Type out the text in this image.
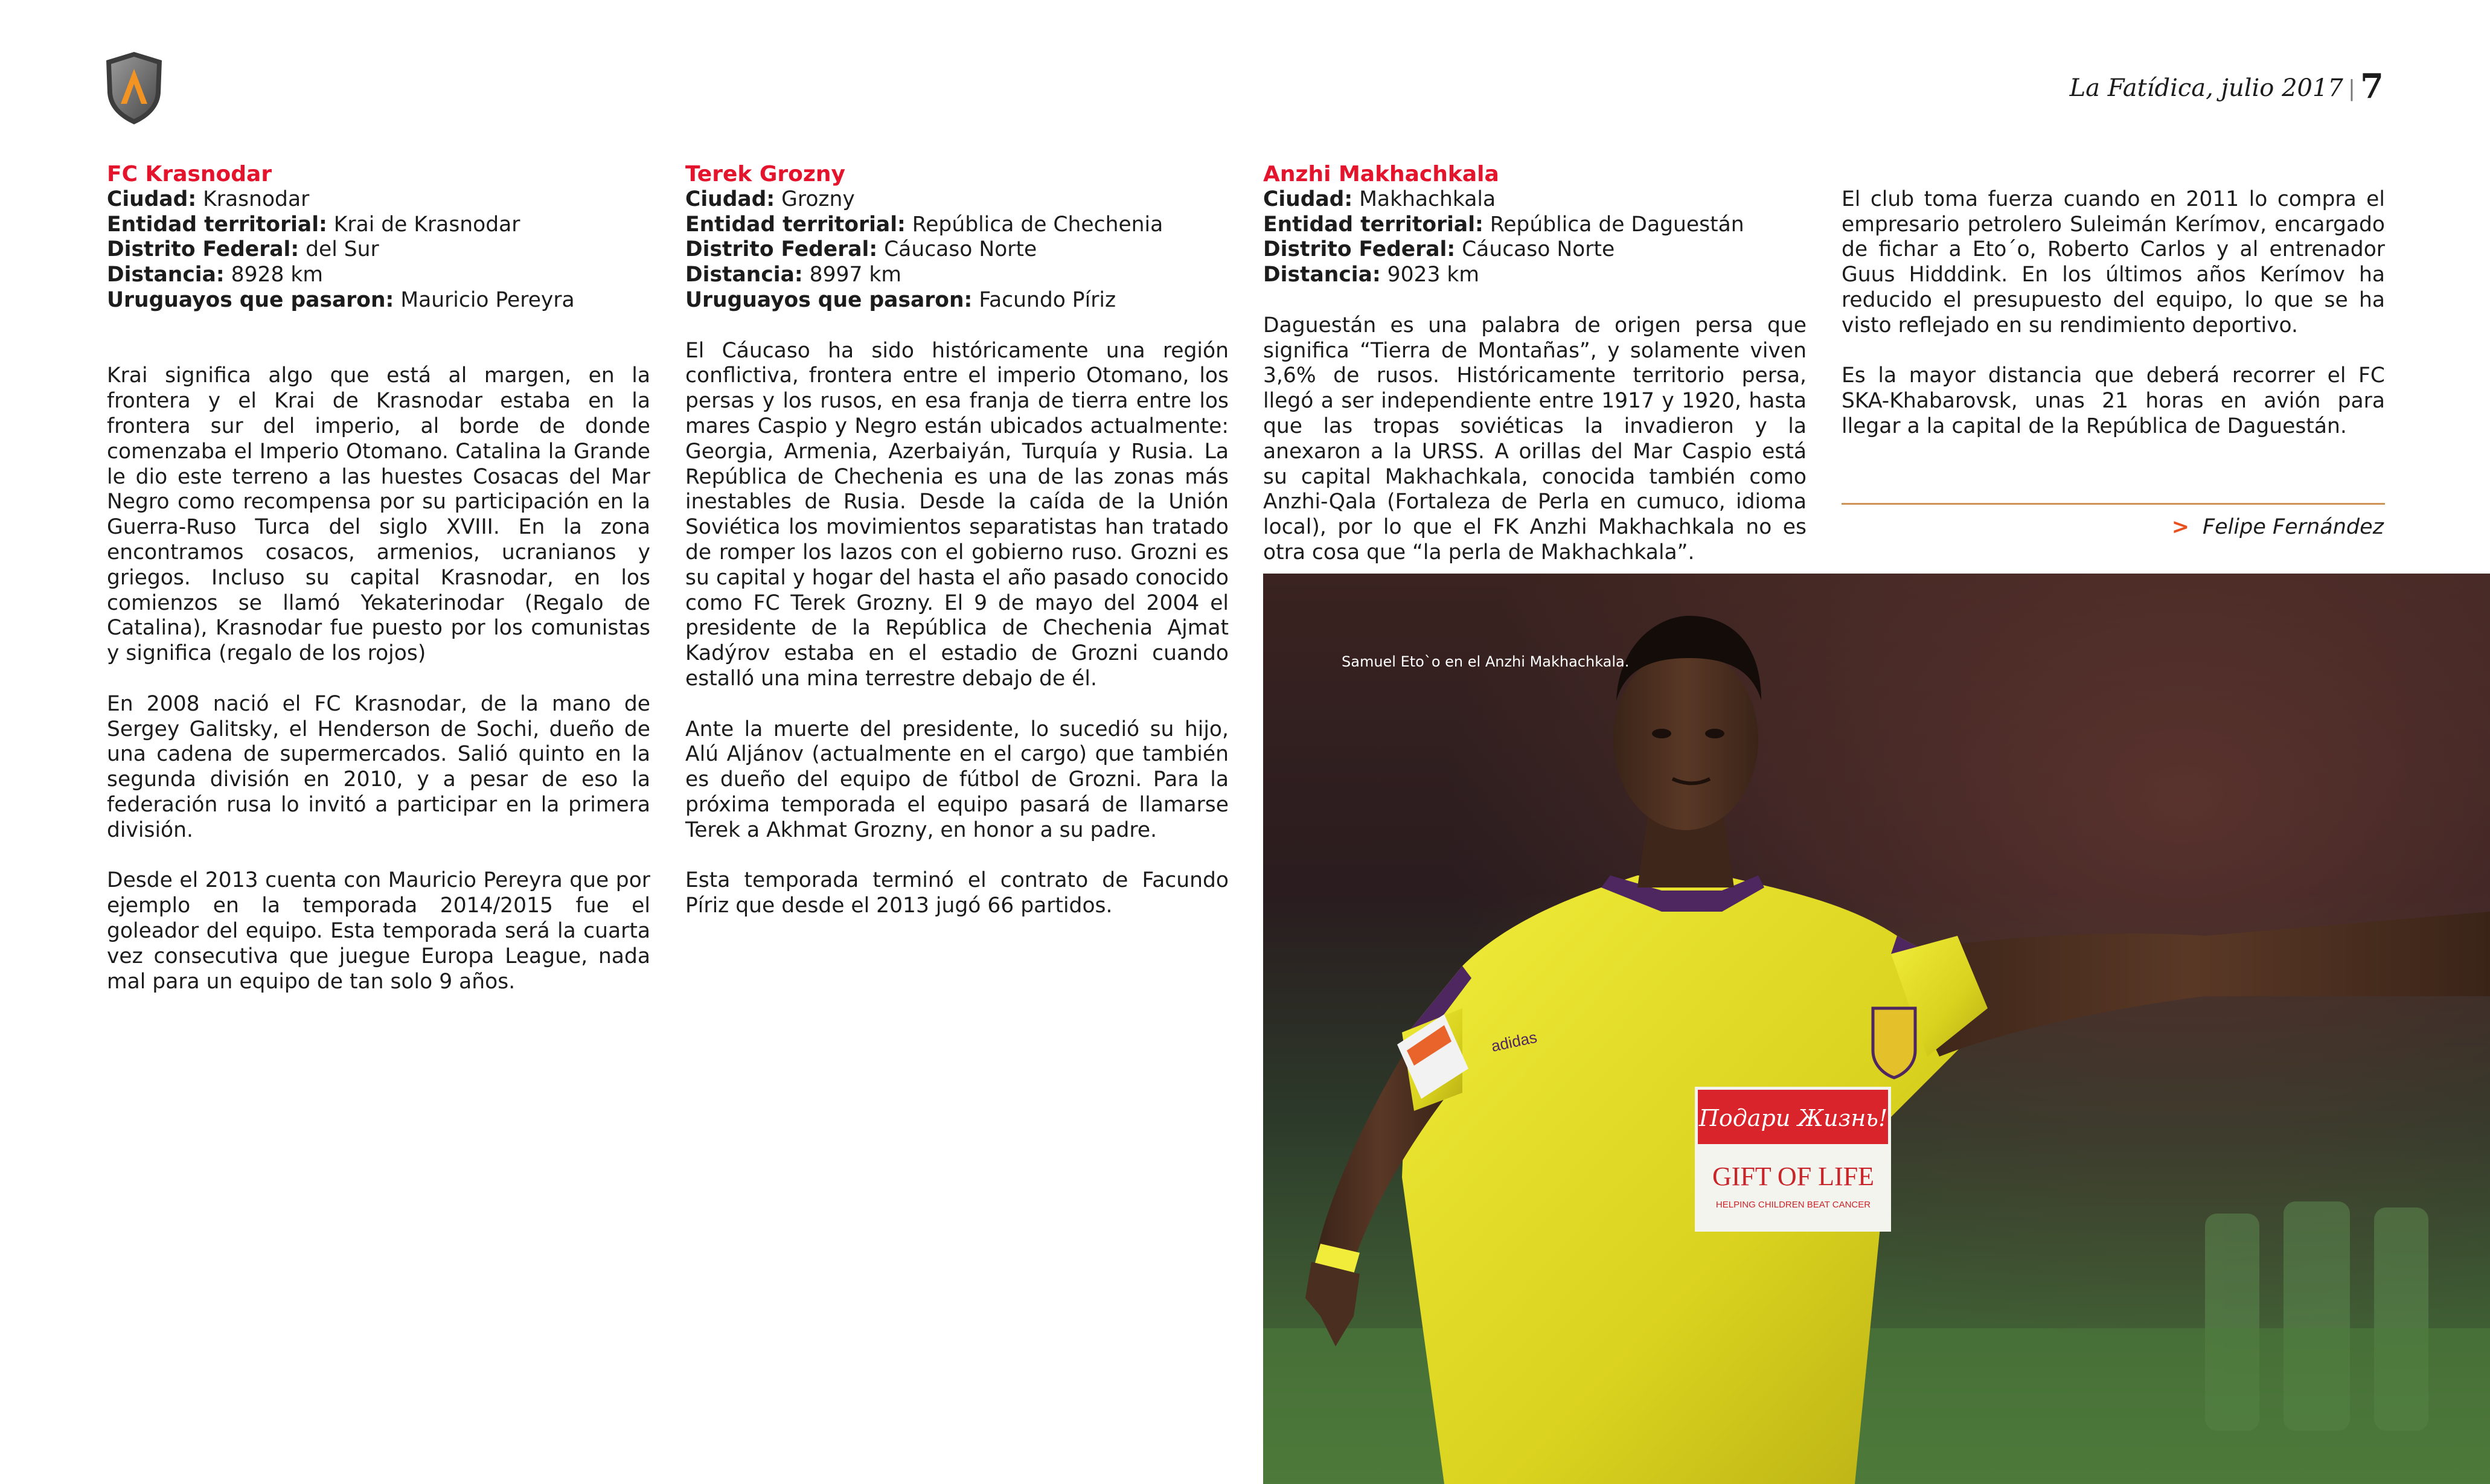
La Fatídica, julio 2017 | 7
FC Krasnodar
Ciudad: Krasnodar
Entidad territorial: Krai de Krasnodar
Distrito Federal: del Sur
Distancia: 8928 km
Uruguayos que pasaron: Mauricio Pereyra

Krai significa algo que está al margen, en la frontera y el Krai de Krasnodar estaba en la frontera sur del imperio, al borde de donde comenzaba el Imperio Otomano. Catalina la Grande le dio este terreno a las huestes Cosacas del Mar Negro como recompensa por su participación en la Guerra-Ruso Turca del siglo XVIII. En la zona encontramos cosacos, armenios, ucranianos y griegos. Incluso su capital Krasnodar, en los comienzos se llamó Yekaterinodar (Regalo de Catalina), Krasnodar fue puesto por los comunistas y significa (regalo de los rojos)

En 2008 nació el FC Krasnodar, de la mano de Sergey Galitsky, el Henderson de Sochi, dueño de una cadena de supermercados. Salió quinto en la segunda división en 2010, y a pesar de eso la federación rusa lo invitó a participar en la primera división.

Desde el 2013 cuenta con Mauricio Pereyra que por ejemplo en la temporada 2014/2015 fue el goleador del equipo. Esta temporada será la cuarta vez consecutiva que juegue Europa League, nada mal para un equipo de tan solo 9 años.

Terek Grozny
Ciudad: Grozny
Entidad territorial: República de Chechenia
Distrito Federal: Cáucaso Norte
Distancia: 8997 km
Uruguayos que pasaron: Facundo Píriz

El Cáucaso ha sido históricamente una región conflictiva, frontera entre el imperio Otomano, los persas y los rusos, en esa franja de tierra entre los mares Caspio y Negro están ubicados actualmente: Georgia, Armenia, Azerbaiyán, Turquía y Rusia. La República de Chechenia es una de las zonas más inestables de Rusia. Desde la caída de la Unión Soviética los movimientos separatistas han tratado de romper los lazos con el gobierno ruso. Grozni es su capital y hogar del hasta el año pasado conocido como FC Terek Grozny. El 9 de mayo del 2004 el presidente de la República de Chechenia Ajmat Kadýrov estaba en el estadio de Grozni cuando estalló una mina terrestre debajo de él.

Ante la muerte del presidente, lo sucedió su hijo, Alú Aljánov (actualmente en el cargo) que también es dueño del equipo de fútbol de Grozni. Para la próxima temporada el equipo pasará de llamarse Terek a Akhmat Grozny, en honor a su padre.

Esta temporada terminó el contrato de Facundo Píriz que desde el 2013 jugó 66 partidos.

Anzhi Makhachkala
Ciudad: Makhachkala
Entidad territorial: República de Daguestán
Distrito Federal: Cáucaso Norte
Distancia: 9023 km

Daguestán es una palabra de origen persa que significa “Tierra de Montañas”, y solamente viven 3,6% de rusos. Históricamente territorio persa, llegó a ser independiente entre 1917 y 1920, hasta que las tropas soviéticas la invadieron y la anexaron a la URSS. A orillas del Mar Caspio está su capital Makhachkala, conocida también como Anzhi-Qala (Fortaleza de Perla en cumuco, idioma local), por lo que el FK Anzhi Makhachkala no es otra cosa que “la perla de Makhachkala”.

El club toma fuerza cuando en 2011 lo compra el empresario petrolero Suleimán Kerímov, encargado de fichar a Eto´o, Roberto Carlos y al entrenador Guus Hidddink. En los últimos años Kerímov ha reducido el presupuesto del equipo, lo que se ha visto reflejado en su rendimiento deportivo.

Es la mayor distancia que deberá recorrer el FC SKA-Khabarovsk, unas 21 horas en avión para llegar a la capital de la República de Daguestán.

> Felipe Fernández
adidas
Подари Жизнь!
GIFT OF LIFE
HELPING CHILDREN BEAT CANCER
Samuel Eto`o en el Anzhi Makhachkala.
